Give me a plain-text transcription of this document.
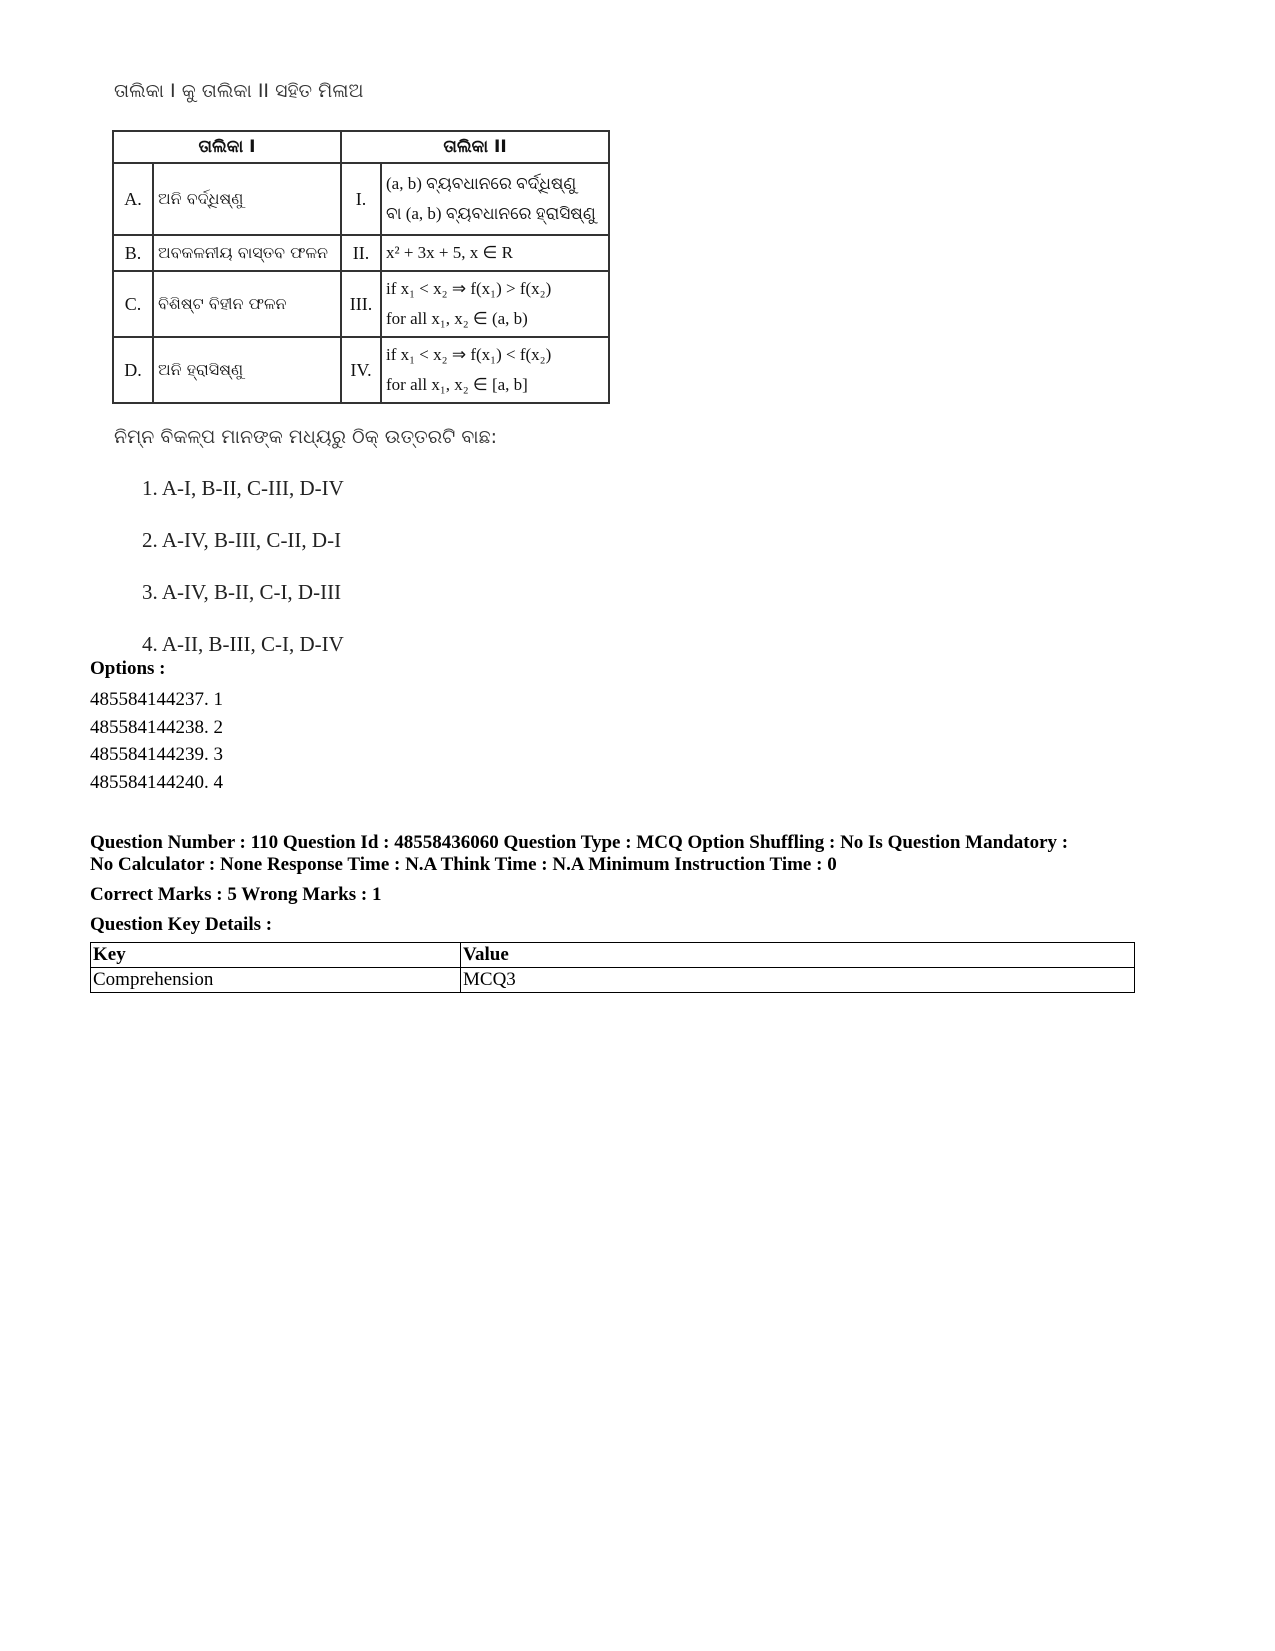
ତାଲିକା I କୁ ତାଲିକା II ସହିତ ମିଳାଅ
ତାଲିକା I		ତାଲିକା II	
A.	ଅନି ବର୍ଦ୍ଧିଷ୍ଣୁ	I.	(a, b) ବ୍ୟବଧାନରେ ବର୍ଦ୍ଧିଷ୍ଣୁ
ବା (a, b) ବ୍ୟବଧାନରେ ହ୍ରାସିଷ୍ଣୁ

B.	ଅବକଳନୀୟ ବାସ୍ତବ ଫଳନ	II.	x² + 3x + 5, x ∈ R

C.	ବିଶିଷ୍ଟ ବିହୀନ ଫଳନ	III.	if x₁ < x₂ ⇒ f(x₁) > f(x₂)
for all x₁, x₂ ∈ (a, b)

D.	ଅନି ହ୍ରାସିଷ୍ଣୁ	IV.	if x₁ < x₂ ⇒ f(x₁) < f(x₂)
for all x₁, x₂ ∈ [a, b]
ନିମ୍ନ ବିକଳ୍ପ ମାନଙ୍କ ମଧ୍ୟରୁ ଠିକ୍ ଉତ୍ତରଟି ବାଛ:
1. A-I, B-II, C-III, D-IV
2. A-IV, B-III, C-II, D-I
3. A-IV, B-II, C-I, D-III
4. A-II, B-III, C-I, D-IV
Options :
485584144237. 1
485584144238. 2
485584144239. 3
485584144240. 4
Question Number : 110 Question Id : 48558436060 Question Type : MCQ Option Shuffling : No Is Question Mandatory :
No Calculator : None Response Time : N.A Think Time : N.A Minimum Instruction Time : 0
Correct Marks : 5 Wrong Marks : 1
Question Key Details :
Key	Value
Comprehension	MCQ3
